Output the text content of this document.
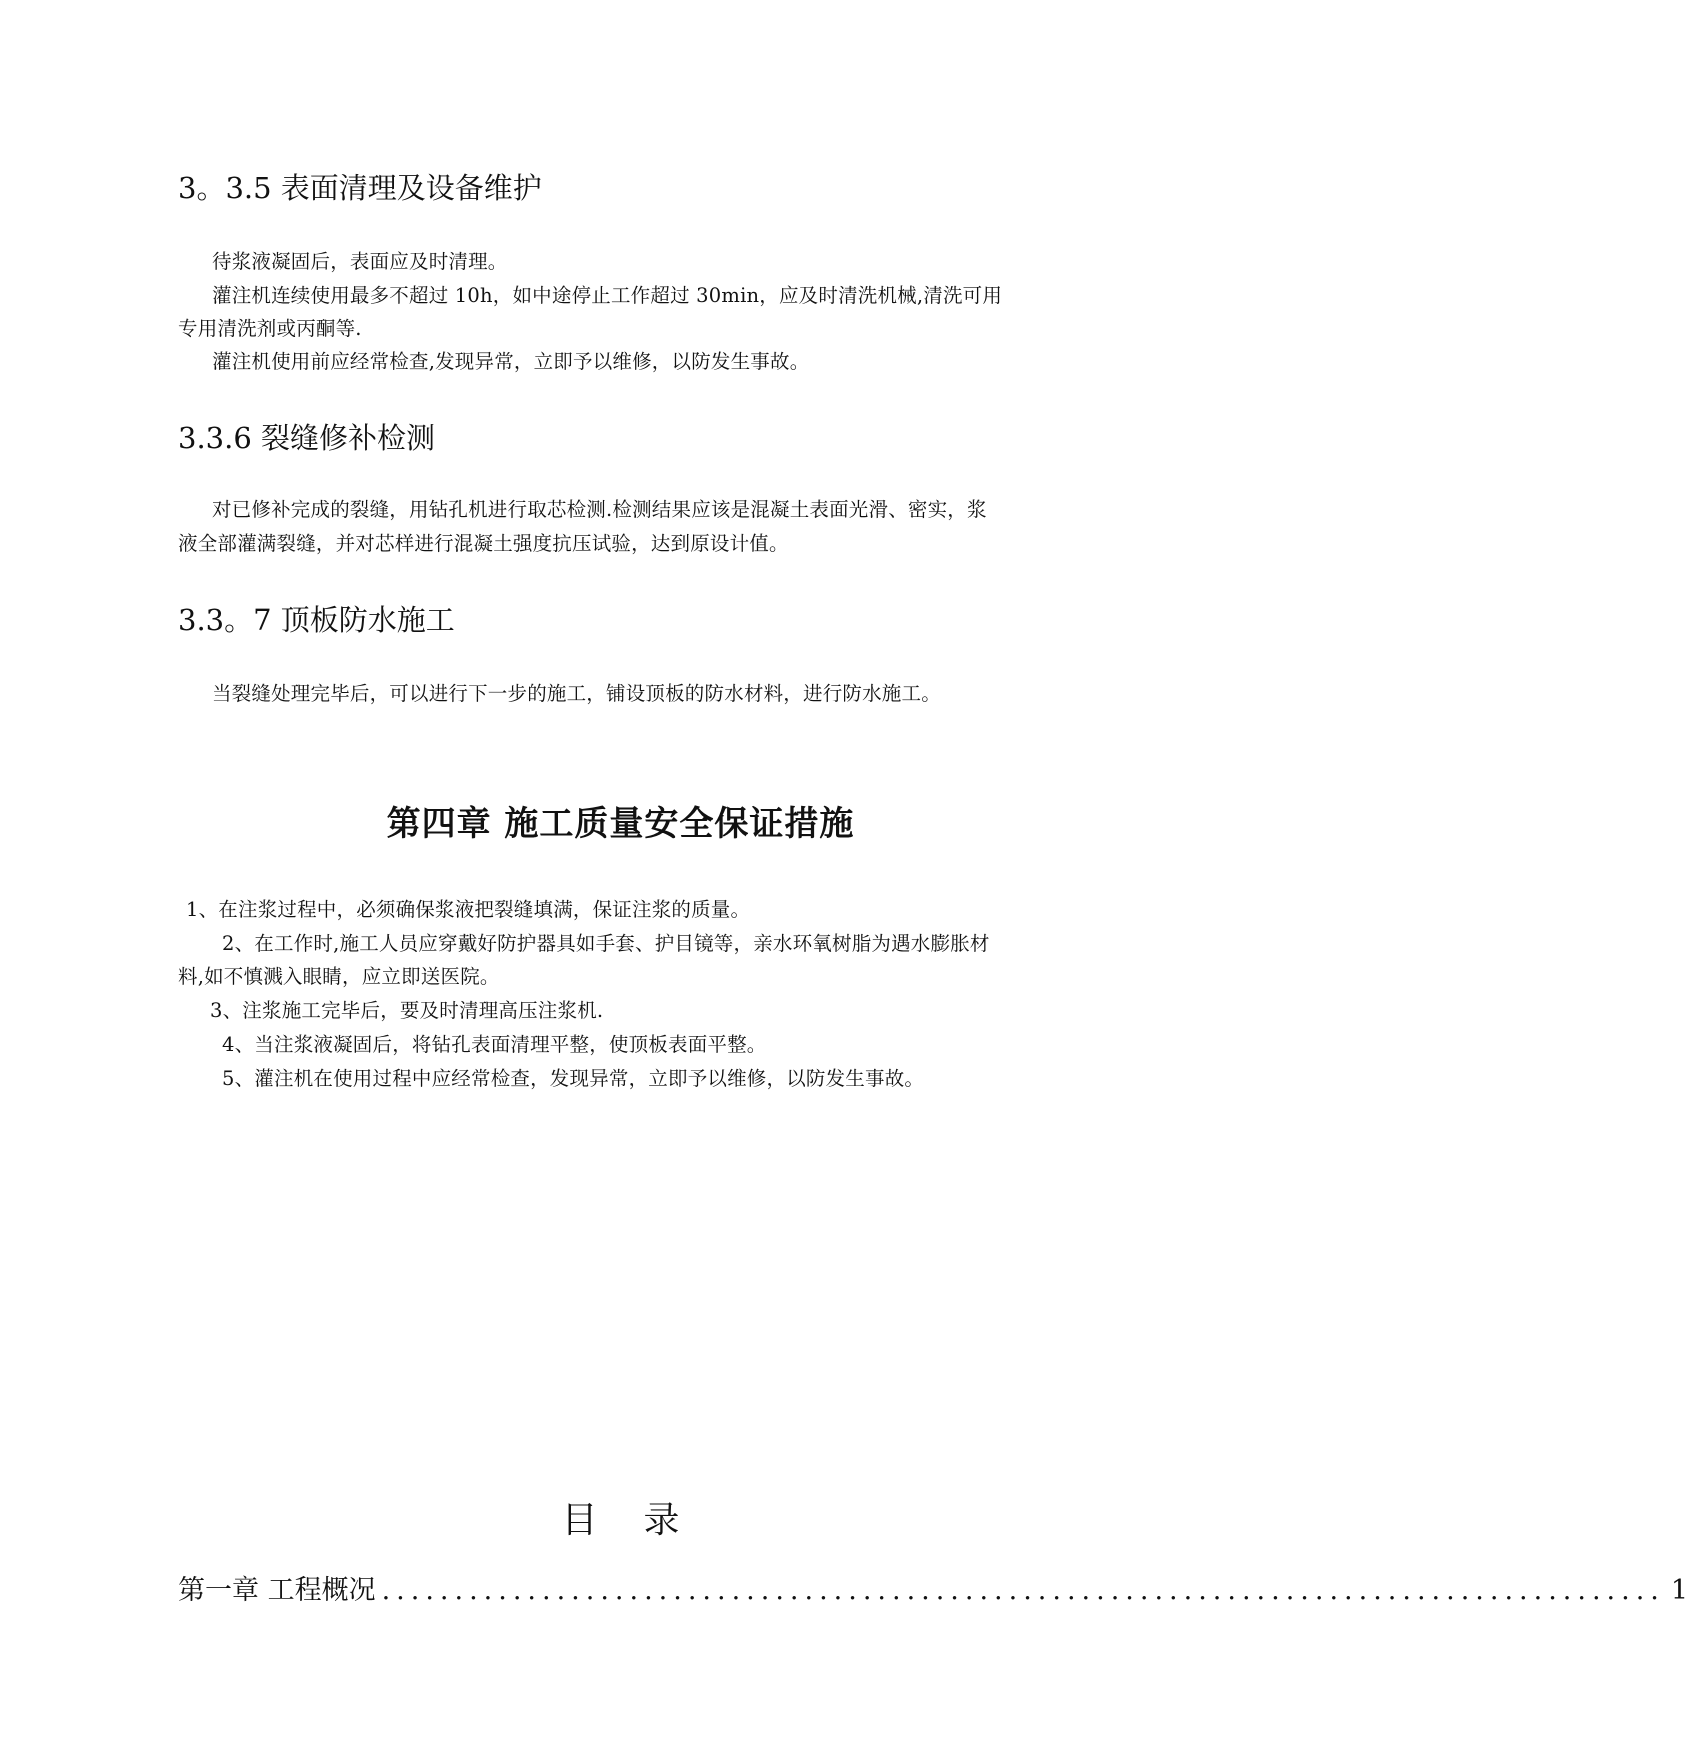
3。3.5 表面清理及设备维护
待浆液凝固后，表面应及时清理。
灌注机连续使用最多不超过 10h，如中途停止工作超过 30min，应及时清洗机械,清洗可用
专用清洗剂或丙酮等.
灌注机使用前应经常检查,发现异常，立即予以维修，以防发生事故。
3.3.6 裂缝修补检测
对已修补完成的裂缝，用钻孔机进行取芯检测.检测结果应该是混凝土表面光滑、密实，浆
液全部灌满裂缝，并对芯样进行混凝土强度抗压试验，达到原设计值。
3.3。7 顶板防水施工
当裂缝处理完毕后，可以进行下一步的施工，铺设顶板的防水材料，进行防水施工。
第四章 施工质量安全保证措施
1、在注浆过程中，必须确保浆液把裂缝填满，保证注浆的质量。
2、在工作时,施工人员应穿戴好防护器具如手套、护目镜等，亲水环氧树脂为遇水膨胀材
料,如不慎溅入眼睛，应立即送医院。
3、注浆施工完毕后，要及时清理高压注浆机.
4、当注浆液凝固后，将钻孔表面清理平整，使顶板表面平整。
5、灌注机在使用过程中应经常检查，发现异常，立即予以维修，以防发生事故。
目录
第一章 工程概况 ........................................................................................ 1
